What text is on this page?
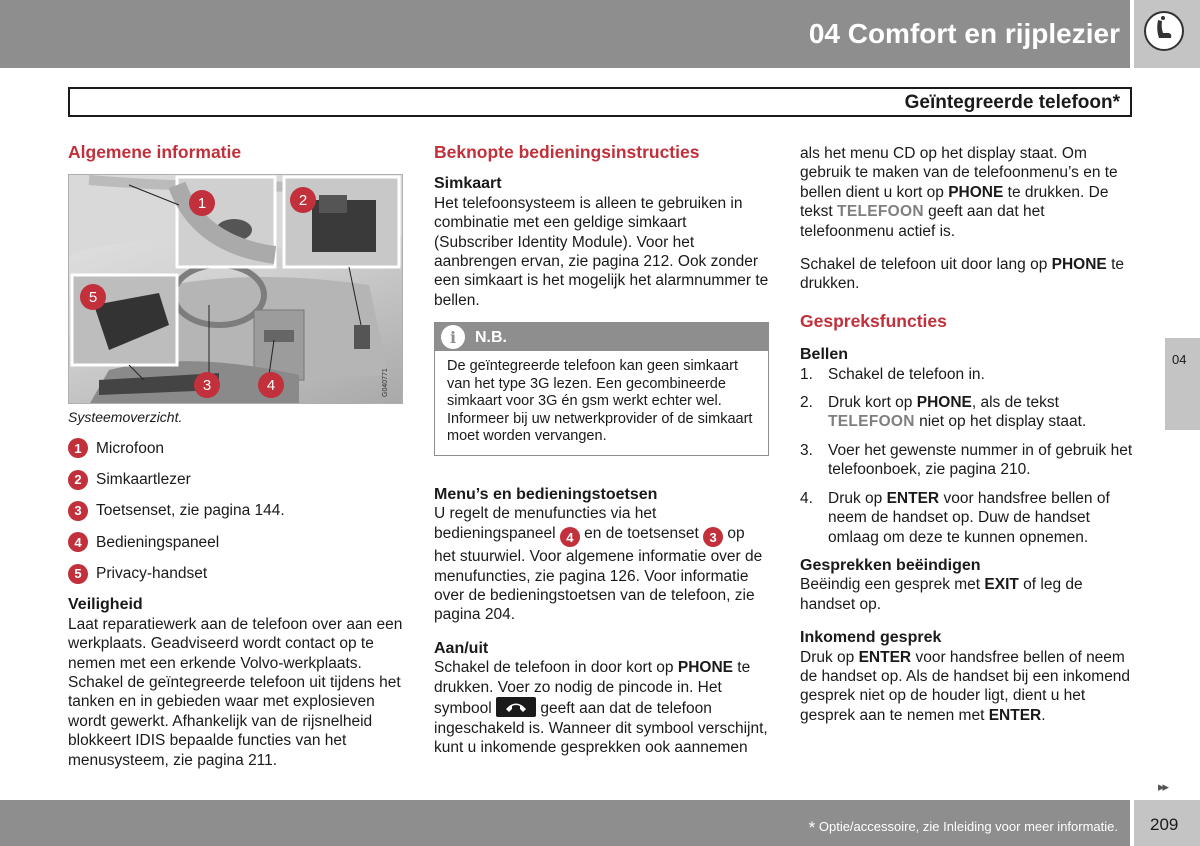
04 Comfort en rijplezier
Geïntegreerde telefoon*
Algemene informatie
1	2
3	4
5
G040771
Systeemoverzicht.
1 Microfoon
2 Simkaartlezer
3 Toetsenset, zie pagina 144.
4 Bedieningspaneel
5 Privacy-handset
Veiligheid

Laat reparatiewerk aan de telefoon over aan een werkplaats. Geadviseerd wordt contact op te nemen met een erkende Volvo-werkplaats. Schakel de geïntegreerde telefoon uit tijdens het tanken en in gebieden waar met explosieven wordt gewerkt. Afhankelijk van de rijsnelheid blokkeert IDIS bepaalde functies van het menusysteem, zie pagina 211.

Beknopte bedieningsinstructies
Simkaart

Het telefoonsysteem is alleen te gebruiken in combinatie met een geldige simkaart (Subscriber Identity Module). Voor het aanbrengen ervan, zie pagina 212. Ook zonder een simkaart is het mogelijk het alarmnummer te bellen.

i	N.B.
De geïntegreerde telefoon kan geen simkaart van het type 3G lezen. Een gecombineerde simkaart voor 3G én gsm werkt echter wel. Informeer bij uw netwerkprovider of de simkaart moet worden vervangen.
Menu’s en bedieningstoetsen

U regelt de menufuncties via het bedieningspaneel 4 en de toetsenset 3 op het stuurwiel. Voor algemene informatie over de menufuncties, zie pagina 126. Voor informatie over de bedieningstoetsen van de telefoon, zie pagina 204.

Aan/uit

Schakel de telefoon in door kort op PHONE te drukken. Voer zo nodig de pincode in. Het symbool	geeft aan dat de telefoon ingeschakeld is. Wanneer dit symbool verschijnt, kunt u inkomende gesprekken ook aannemen

als het menu CD op het display staat. Om gebruik te maken van de telefoonmenu’s en te bellen dient u kort op PHONE te drukken. De tekst TELEFOON geeft aan dat het telefoonmenu actief is.

Schakel de telefoon uit door lang op PHONE te drukken.

Gespreksfuncties
Bellen
1. Schakel de telefoon in.
2. Druk kort op PHONE, als de tekst TELEFOON niet op het display staat.
3. Voer het gewenste nummer in of gebruik het telefoonboek, zie pagina 210.
4. Druk op ENTER voor handsfree bellen of neem de handset op. Duw de handset omlaag om deze te kunnen opnemen.
Gesprekken beëindigen

Beëindig een gesprek met EXIT of leg de handset op.

Inkomend gesprek

Druk op ENTER voor handsfree bellen of neem de handset op. Als de handset bij een inkomend gesprek niet op de houder ligt, dient u het gesprek aan te nemen met ENTER.

04
▸▸
* Optie/accessoire, zie Inleiding voor meer informatie. 209
